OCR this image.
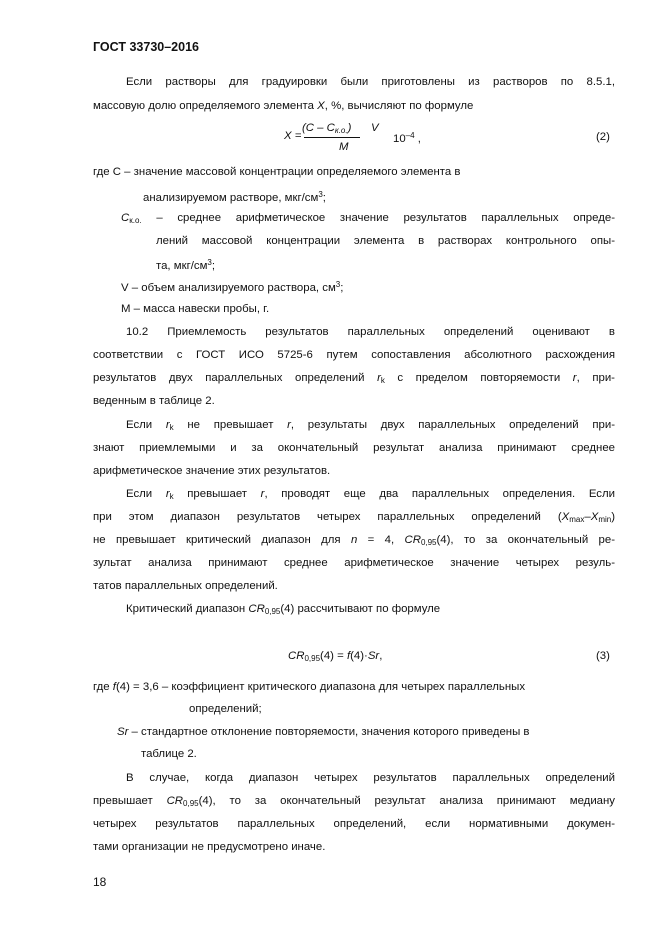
ГОСТ 33730–2016
Если растворы для градуировки были приготовлены из растворов по 8.5.1,
массовую долю определяемого элемента X, %, вычисляют по формуле
X =
$(C - C_{к.о.})$ V
M
$10^{-4}$ ,	(2)
где C – значение массовой концентрации определяемого элемента в
анализируемом растворе, мкг/$см^3$;
$C_{к.о.}$ – среднее арифметическое значение результатов параллельных опреде-
лений массовой концентрации элемента в растворах контрольного опы-
та, мкг/$см^3$;
V – объем анализируемого раствора, $см^3$;
M – масса навески пробы, г.
10.2 Приемлемость результатов параллельных определений оценивают в
соответствии с ГОСТ ИСО 5725-6 путем сопоставления абсолютного расхождения
результатов двух параллельных определений $r_k$ с пределом повторяемости r, при-
веденным в таблице 2.
Если $r_k$ не превышает r, результаты двух параллельных определений при-
знают приемлемыми и за окончательный результат анализа принимают среднее
арифметическое значение этих результатов.
Если $r_k$ превышает r, проводят еще два параллельных определения. Если
при этом диапазон результатов четырех параллельных определений $(X_{max}-X_{min})$
не превышает критический диапазон для n = 4, $CR_{0,95}(4)$, то за окончательный ре-
зультат анализа принимают среднее арифметическое значение четырех резуль-
татов параллельных определений.
Критический диапазон $CR_{0,95}(4)$ рассчитывают по формуле
$CR_{0,95}(4) = f(4)\cdot Sr$,	(3)
где f(4) = 3,6 – коэффициент критического диапазона для четырех параллельных
определений;
Sr – стандартное отклонение повторяемости, значения которого приведены в
таблице 2.
В случае, когда диапазон четырех результатов параллельных определений
превышает $CR_{0,95}(4)$, то за окончательный результат анализа принимают медиану
четырех результатов параллельных определений, если нормативными докумен-
тами организации не предусмотрено иначе.
18
